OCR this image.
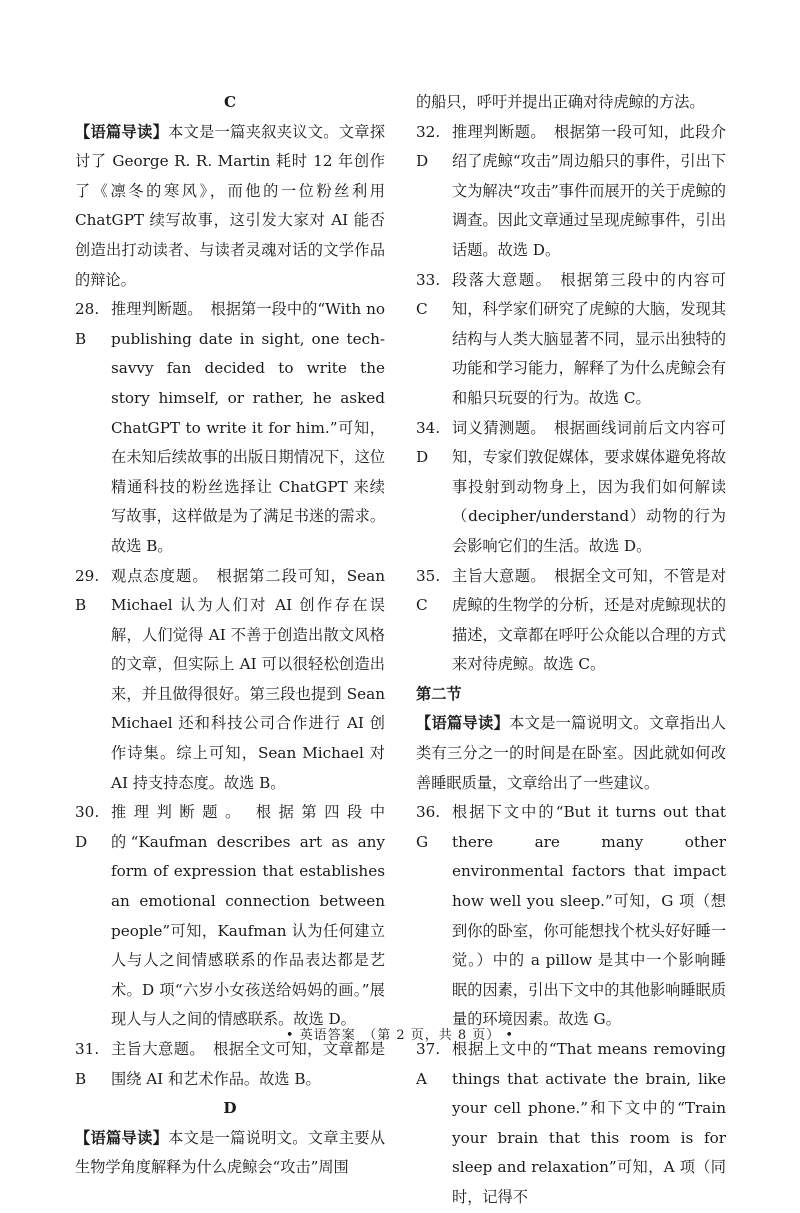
C

【语篇导读】本文是一篇夹叙夹议文。文章探讨了 George R. R. Martin 耗时 12 年创作了《凛冬的寒风》，而他的一位粉丝利用 ChatGPT 续写故事，这引发大家对 AI 能否创造出打动读者、与读者灵魂对话的文学作品的辩论。

28. B
推理判断题。 根据第一段中的“With no publishing date in sight, one tech-savvy fan decided to write the story himself, or rather, he asked ChatGPT to write it for him.”可知，在未知后续故事的出版日期情况下，这位精通科技的粉丝选择让 ChatGPT 来续写故事，这样做是为了满足书迷的需求。故选 B。

29. B
观点态度题。 根据第二段可知，Sean Michael 认为人们对 AI 创作存在误解，人们觉得 AI 不善于创造出散文风格的文章，但实际上 AI 可以很轻松创造出来，并且做得很好。第三段也提到 Sean Michael 还和科技公司合作进行 AI 创作诗集。综上可知，Sean Michael 对 AI 持支持态度。故选 B。

30. D
推理判断题。 根据第四段中的“Kaufman describes art as any form of expression that establishes an emotional connection between people”可知，Kaufman 认为任何建立人与人之间情感联系的作品表达都是艺术。D 项“六岁小女孩送给妈妈的画。”展现人与人之间的情感联系。故选 D。

31. B
主旨大意题。 根据全文可知，文章都是围绕 AI 和艺术作品。故选 B。

D

【语篇导读】本文是一篇说明文。文章主要从生物学角度解释为什么虎鲸会“攻击”周围

的船只，呼吁并提出正确对待虎鲸的方法。

32. D
推理判断题。 根据第一段可知，此段介绍了虎鲸“攻击”周边船只的事件，引出下文为解决“攻击”事件而展开的关于虎鲸的调查。因此文章通过呈现虎鲸事件，引出话题。故选 D。

33. C
段落大意题。 根据第三段中的内容可知，科学家们研究了虎鲸的大脑，发现其结构与人类大脑显著不同，显示出独特的功能和学习能力，解释了为什么虎鲸会有和船只玩耍的行为。故选 C。

34. D
词义猜测题。 根据画线词前后文内容可知，专家们敦促媒体，要求媒体避免将故事投射到动物身上，因为我们如何解读（decipher/understand）动物的行为会影响它们的生活。故选 D。

35. C
主旨大意题。 根据全文可知，不管是对虎鲸的生物学的分析，还是对虎鲸现状的描述，文章都在呼吁公众能以合理的方式来对待虎鲸。故选 C。

第二节

【语篇导读】本文是一篇说明文。文章指出人类有三分之一的时间是在卧室。因此就如何改善睡眠质量，文章给出了一些建议。

36. G
根据下文中的“But it turns out that there are many other environmental factors that impact how well you sleep.”可知，G 项（想到你的卧室，你可能想找个枕头好好睡一觉。）中的 a pillow 是其中一个影响睡眠的因素，引出下文中的其他影响睡眠质量的环境因素。故选 G。

37. A
根据上文中的“That means removing things that activate the brain, like your cell phone.”和下文中的“Train your brain that this room is for sleep and relaxation”可知，A 项（同时，记得不

• 英语答案　（第 2 页，共 8 页） •
